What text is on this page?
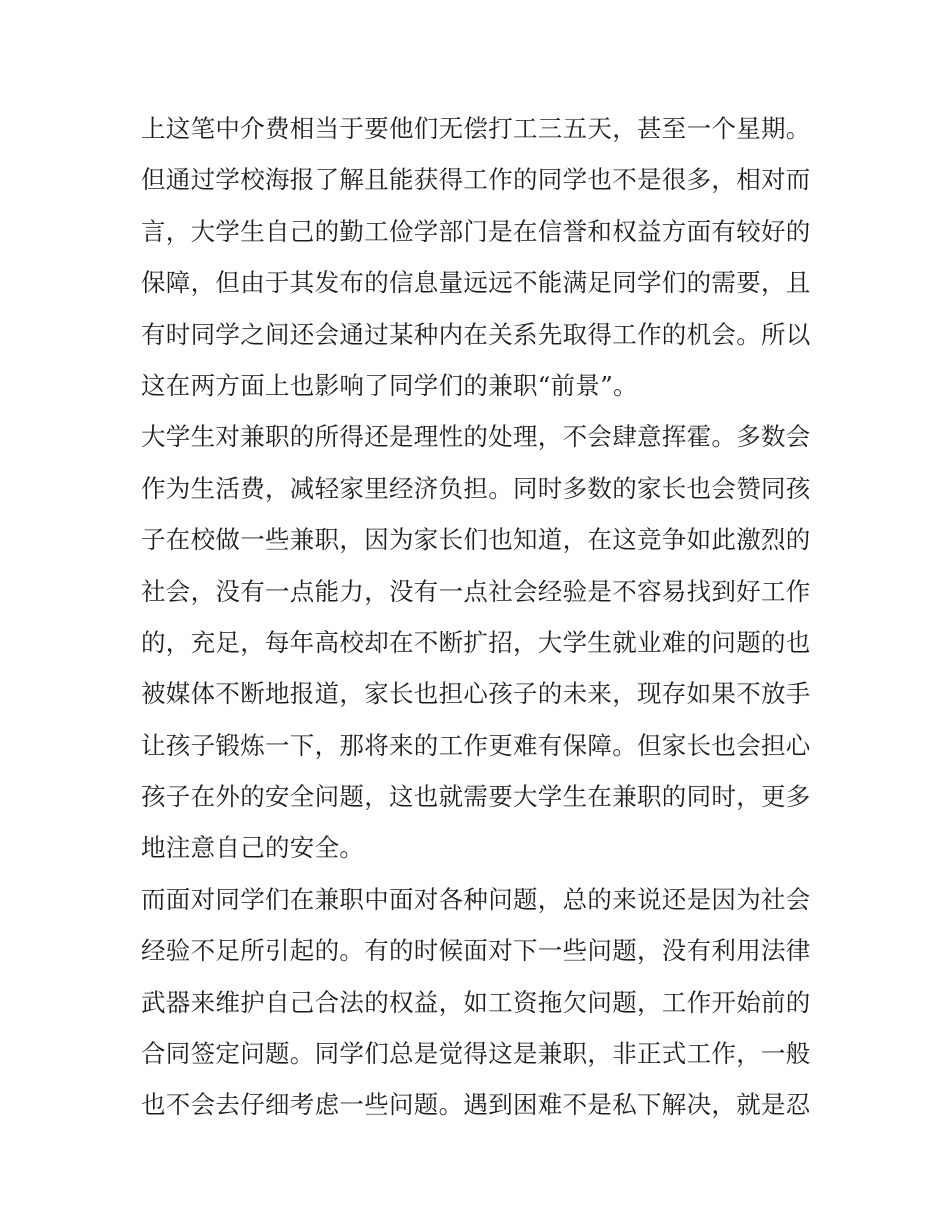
上这笔中介费相当于要他们无偿打工三五天，甚至一个星期。
但通过学校海报了解且能获得工作的同学也不是很多，相对而
言，大学生自己的勤工俭学部门是在信誉和权益方面有较好的
保障，但由于其发布的信息量远远不能满足同学们的需要，且
有时同学之间还会通过某种内在关系先取得工作的机会。所以
这在两方面上也影响了同学们的兼职“前景”。
大学生对兼职的所得还是理性的处理，不会肆意挥霍。多数会
作为生活费，减轻家里经济负担。同时多数的家长也会赞同孩
子在校做一些兼职，因为家长们也知道，在这竞争如此激烈的
社会，没有一点能力，没有一点社会经验是不容易找到好工作
的，充足，每年高校却在不断扩招，大学生就业难的问题的也
被媒体不断地报道，家长也担心孩子的未来，现存如果不放手
让孩子锻炼一下，那将来的工作更难有保障。但家长也会担心
孩子在外的安全问题，这也就需要大学生在兼职的同时，更多
地注意自己的安全。
而面对同学们在兼职中面对各种问题，总的来说还是因为社会
经验不足所引起的。有的时候面对下一些问题，没有利用法律
武器来维护自己合法的权益，如工资拖欠问题，工作开始前的
合同签定问题。同学们总是觉得这是兼职，非正式工作，一般
也不会去仔细考虑一些问题。遇到困难不是私下解决，就是忍
